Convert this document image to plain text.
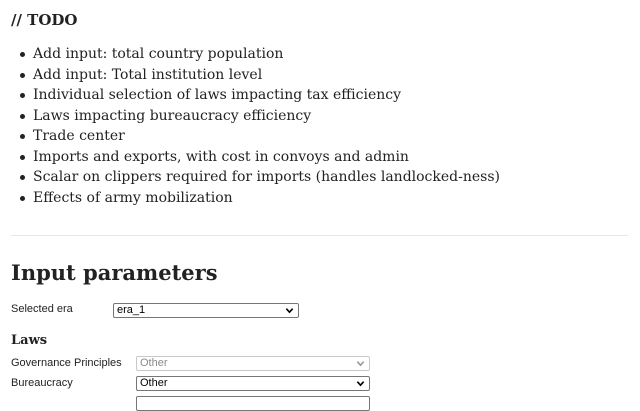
// TODO
Add input: total country population
Add input: Total institution level
Individual selection of laws impacting tax efficiency
Laws impacting bureaucracy efficiency
Trade center
Imports and exports, with cost in convoys and admin
Scalar on clippers required for imports (handles landlocked-ness)
Effects of army mobilization
Input parameters
Selected era	era_1
Laws
Governance Principles	Other
Bureaucracy	Other
